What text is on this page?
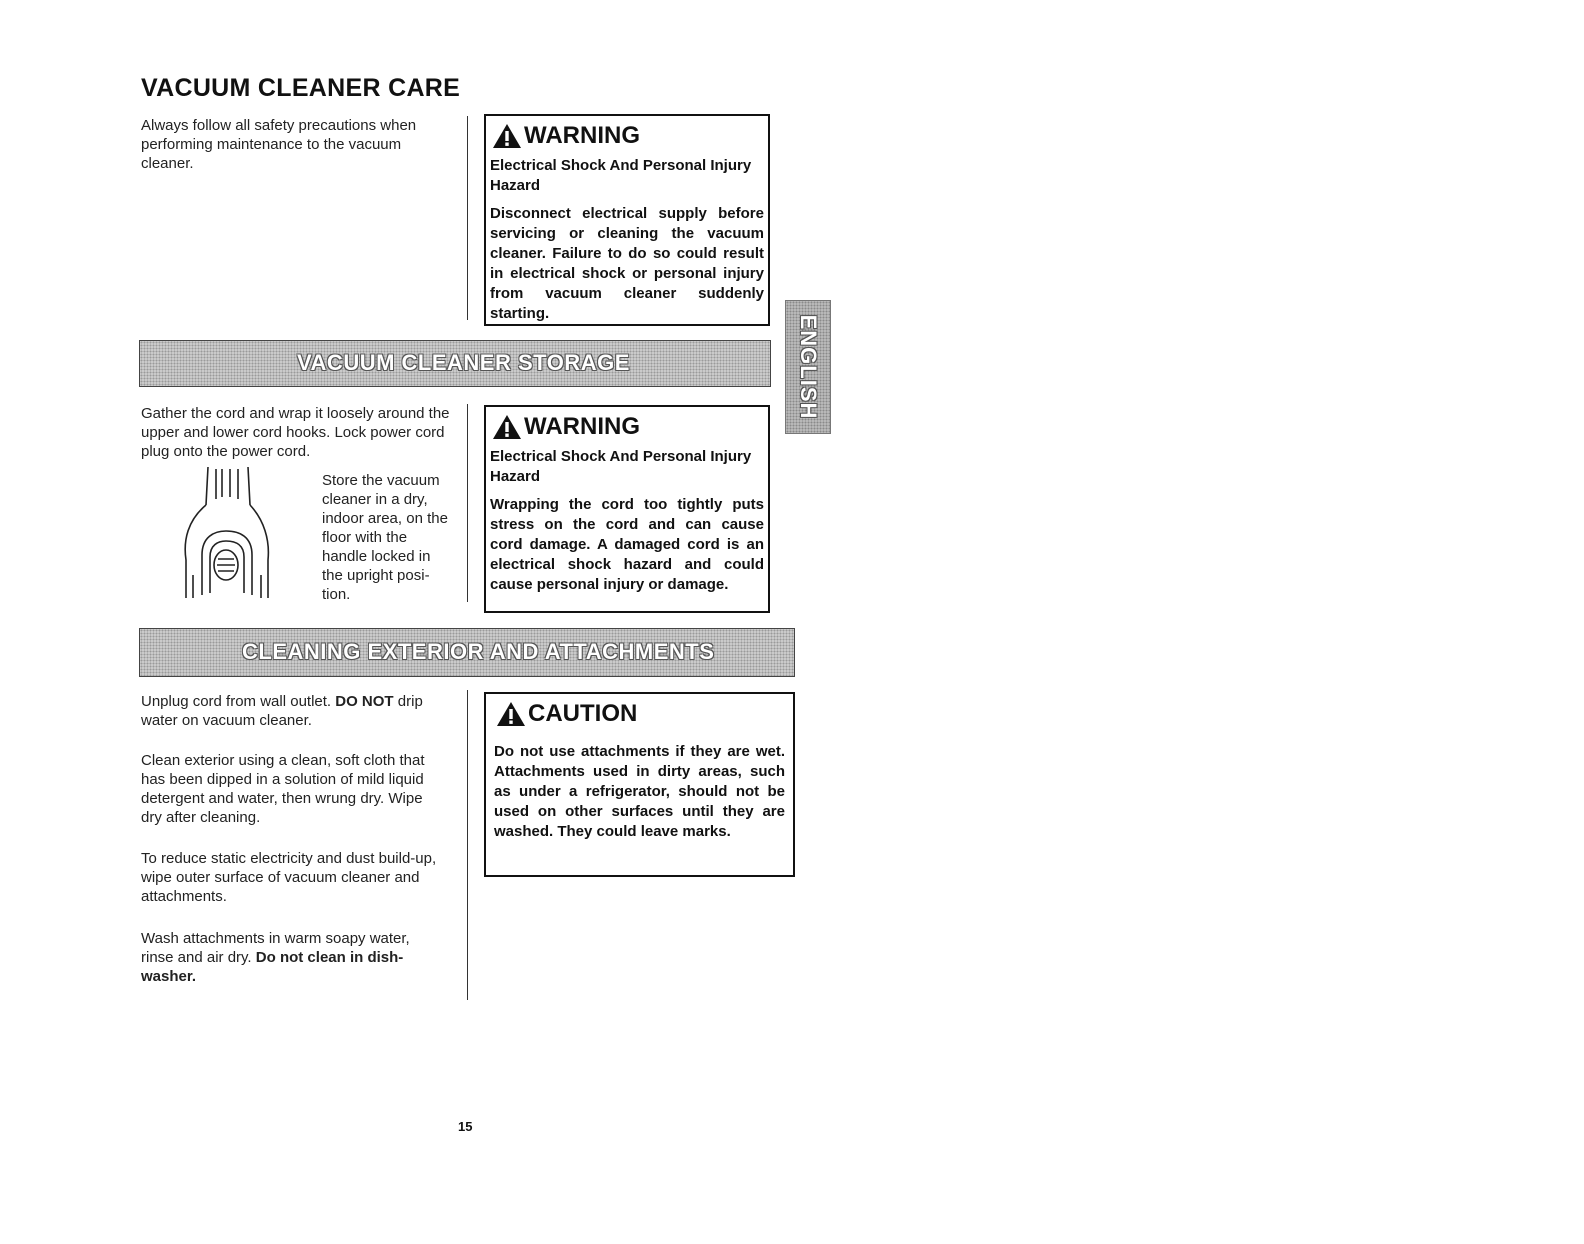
VACUUM CLEANER CARE
Always follow all safety precautions when performing maintenance to the vacuum cleaner.
WARNING
Electrical Shock And Personal Injury Hazard
Disconnect electrical supply before servicing or cleaning the vacuum cleaner. Failure to do so could result in electrical shock or personal injury from vacuum cleaner suddenly starting.
ENGLISH
VACUUM CLEANER STORAGE
Gather the cord and wrap it loosely around the upper and lower cord hooks. Lock power cord plug onto the power cord.
Store the vacuum cleaner in a dry, indoor area, on the floor with the handle locked in the upright posi-tion.
WARNING
Electrical Shock And Personal Injury Hazard
Wrapping the cord too tightly puts stress on the cord and can cause cord damage. A damaged cord is an electrical shock hazard and could cause personal injury or damage.
CLEANING EXTERIOR AND ATTACHMENTS
Unplug cord from wall outlet. DO NOT drip water on vacuum cleaner.
Clean exterior using a clean, soft cloth that has been dipped in a solution of mild liquid detergent and water, then wrung dry. Wipe dry after cleaning.
To reduce static electricity and dust build-up, wipe outer surface of vacuum cleaner and attachments.
Wash attachments in warm soapy water, rinse and air dry. Do not clean in dish-washer.
CAUTION
Do not use attachments if they are wet. Attachments used in dirty areas, such as under a refrigerator, should not be used on other surfaces until they are washed. They could leave marks.
15
